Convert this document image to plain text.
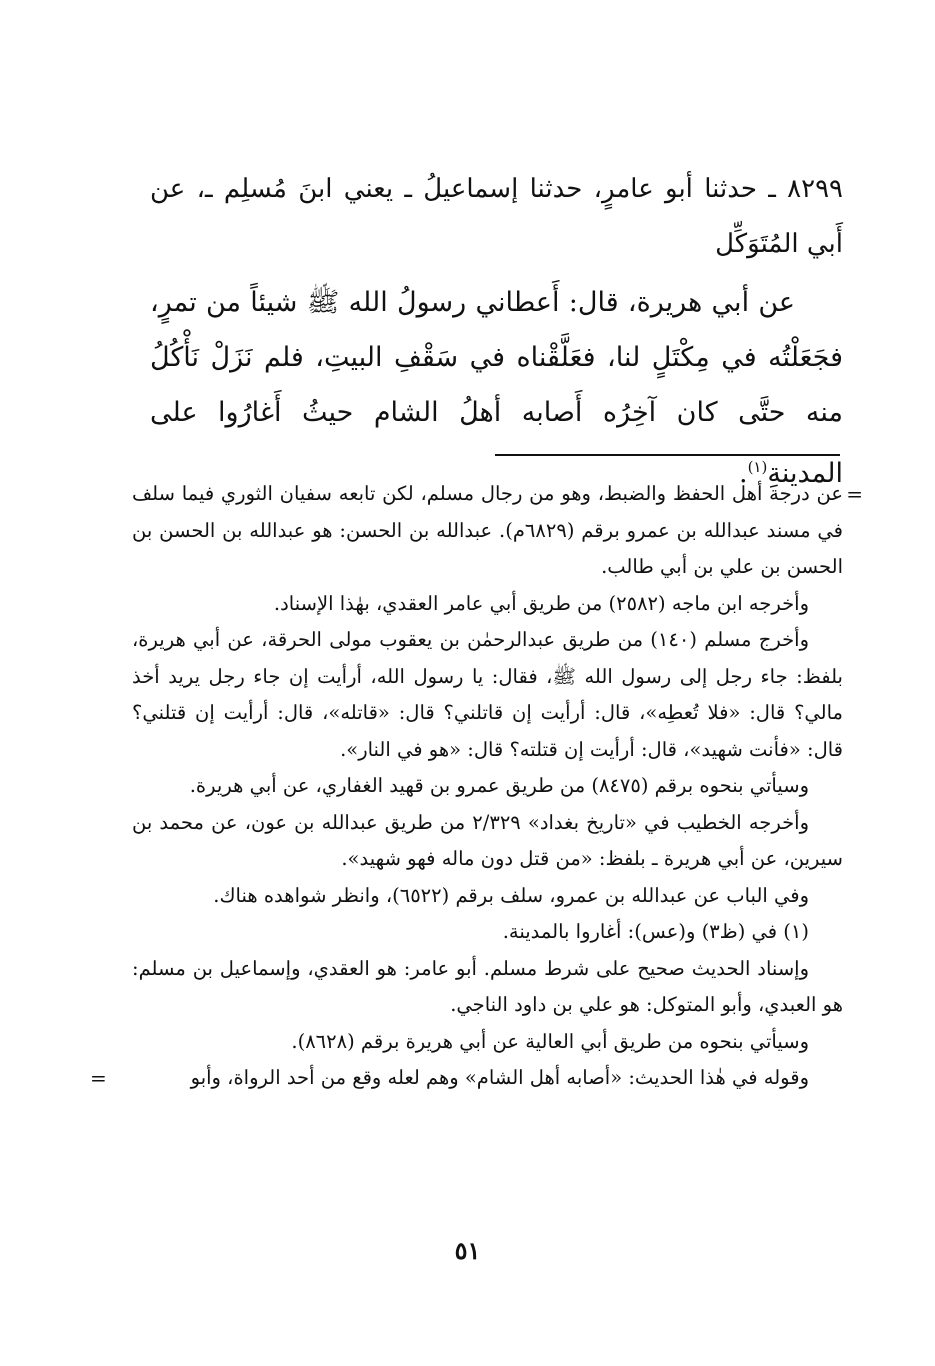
٨٢٩٩ ـ حدثنا أبو عامرٍ، حدثنا إسماعيلُ ـ يعني ابنَ مُسلِم ـ، عن أَبي المُتَوَكِّل

عن أبي هريرة، قال: أَعطاني رسولُ الله ﷺ شيئاً من تمرٍ، فجَعَلْتُه في مِكْتَلٍ لنا، فعَلَّقْناه في سَقْفِ البيتِ، فلم نَزَلْ نَأْكُلُ منه حتَّى كان آخِرُه أَصابه أهلُ الشام حيثُ أَغارُوا على المدينةِ$^{(١)}$.

=
عن درجة أهل الحفظ والضبط، وهو من رجال مسلم، لكن تابعه سفيان الثوري فيما سلف في مسند عبدالله بن عمرو برقم (٦٨٢٩م). عبدالله بن الحسن: هو عبدالله بن الحسن بن الحسن بن علي بن أبي طالب.

وأخرجه ابن ماجه (٢٥٨٢) من طريق أبي عامر العقدي، بهٰذا الإسناد.

وأخرج مسلم (١٤٠) من طريق عبدالرحمٰن بن يعقوب مولى الحرقة، عن أبي هريرة، بلفظ: جاء رجل إلى رسول الله ﷺ، فقال: يا رسول الله، أرأيت إن جاء رجل يريد أخذ مالي؟ قال: «فلا تُعطِه»، قال: أرأيت إن قاتلني؟ قال: «قاتله»، قال: أرأيت إن قتلني؟ قال: «فأنت شهيد»، قال: أرأيت إن قتلته؟ قال: «هو في النار».

وسيأتي بنحوه برقم (٨٤٧٥) من طريق عمرو بن قهيد الغفاري، عن أبي هريرة.

وأخرجه الخطيب في «تاريخ بغداد» ٢/٣٢٩ من طريق عبدالله بن عون، عن محمد بن سيرين، عن أبي هريرة ـ بلفظ: «من قتل دون ماله فهو شهيد».

وفي الباب عن عبدالله بن عمرو، سلف برقم (٦٥٢٢)، وانظر شواهده هناك.

(١) في (ظ٣) و(عس): أغاروا بالمدينة.

وإسناد الحديث صحيح على شرط مسلم. أبو عامر: هو العقدي، وإسماعيل بن مسلم: هو العبدي، وأبو المتوكل: هو علي بن داود الناجي.

وسيأتي بنحوه من طريق أبي العالية عن أبي هريرة برقم (٨٦٢٨).

وقوله في هٰذا الحديث: «أصابه أهل الشام» وهم لعله وقع من أحد الرواة، وأبو
=

٥١
